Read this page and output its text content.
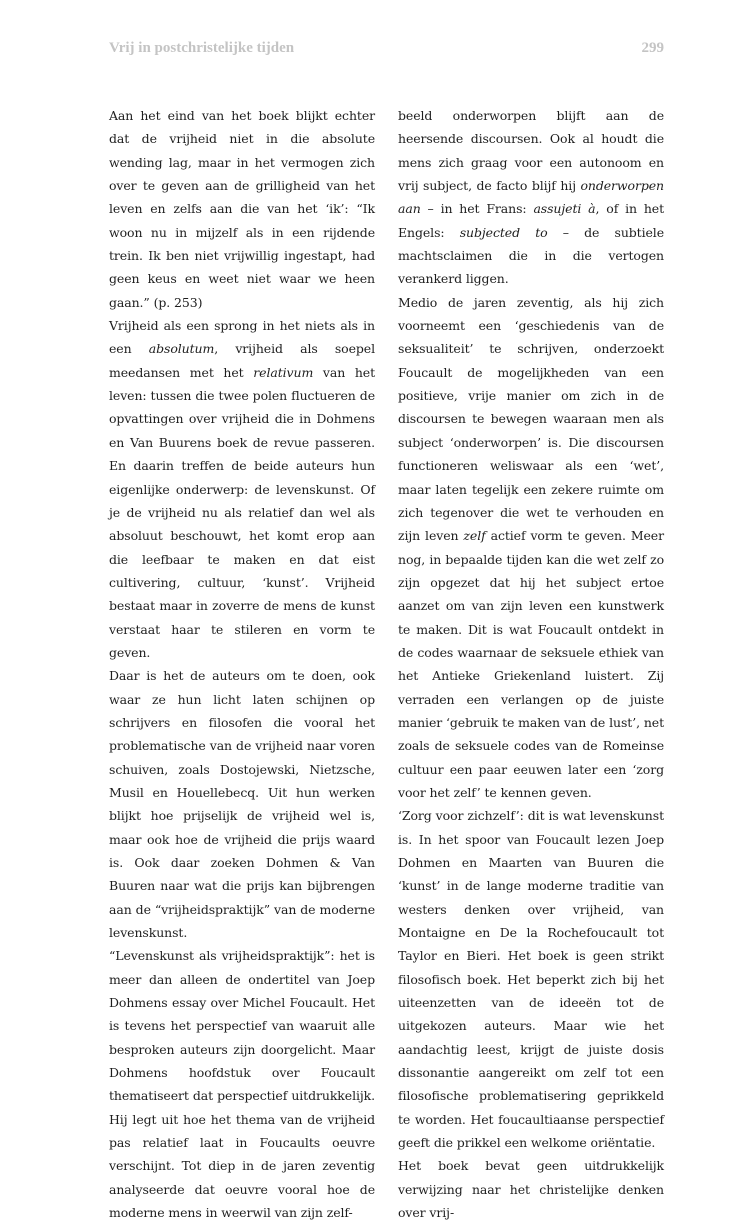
Vrij in postchristelijke tijden	299

Aan het eind van het boek blijkt echter dat de vrijheid niet in die absolute wending lag, maar in het vermogen zich over te geven aan de grilligheid van het leven en zelfs aan die van het ‘ik’: “Ik woon nu in mijzelf als in een rijdende trein. Ik ben niet vrijwillig ingestapt, had geen keus en weet niet waar we heen gaan.” (p. 253)

Vrijheid als een sprong in het niets als in een absolutum, vrijheid als soepel meedansen met het relativum van het leven: tussen die twee polen fluctueren de opvattingen over vrijheid die in Dohmens en Van Buurens boek de revue passeren. En daarin treffen de beide auteurs hun eigenlijke onderwerp: de levenskunst. Of je de vrijheid nu als relatief dan wel als absoluut beschouwt, het komt erop aan die leefbaar te maken en dat eist cultivering, cultuur, ‘kunst’. Vrijheid bestaat maar in zoverre de mens de kunst verstaat haar te stileren en vorm te geven.

Daar is het de auteurs om te doen, ook waar ze hun licht laten schijnen op schrijvers en filosofen die vooral het problematische van de vrijheid naar voren schuiven, zoals Dostojewski, Nietzsche, Musil en Houellebecq. Uit hun werken blijkt hoe prijselijk de vrijheid wel is, maar ook hoe de vrijheid die prijs waard is. Ook daar zoeken Dohmen & Van Buuren naar wat die prijs kan bijbrengen aan de “vrijheidspraktijk” van de moderne levenskunst.

“Levenskunst als vrijheidspraktijk”: het is meer dan alleen de ondertitel van Joep Dohmens essay over Michel Foucault. Het is tevens het perspectief van waaruit alle besproken auteurs zijn doorgelicht. Maar Dohmens hoofdstuk over Foucault thematiseert dat perspectief uitdrukkelijk. Hij legt uit hoe het thema van de vrijheid pas relatief laat in Foucaults oeuvre verschijnt. Tot diep in de jaren zeventig analyseerde dat oeuvre vooral hoe de moderne mens in weerwil van zijn zelf-

beeld onderworpen blijft aan de heersende discoursen. Ook al houdt die mens zich graag voor een autonoom en vrij subject, de facto blijf hij onderworpen aan – in het Frans: assujeti à, of in het Engels: subjected to – de subtiele machtsclaimen die in die vertogen verankerd liggen.

Medio de jaren zeventig, als hij zich voorneemt een ‘geschiedenis van de seksualiteit’ te schrijven, onderzoekt Foucault de mogelijkheden van een positieve, vrije manier om zich in de discoursen te bewegen waaraan men als subject ‘onderworpen’ is. Die discoursen functioneren weliswaar als een ‘wet’, maar laten tegelijk een zekere ruimte om zich tegenover die wet te verhouden en zijn leven zelf actief vorm te geven. Meer nog, in bepaalde tijden kan die wet zelf zo zijn opgezet dat hij het subject ertoe aanzet om van zijn leven een kunstwerk te maken. Dit is wat Foucault ontdekt in de codes waarnaar de seksuele ethiek van het Antieke Griekenland luistert. Zij verraden een verlangen op de juiste manier ‘gebruik te maken van de lust’, net zoals de seksuele codes van de Romeinse cultuur een paar eeuwen later een ‘zorg voor het zelf’ te kennen geven.

‘Zorg voor zichzelf’: dit is wat levenskunst is. In het spoor van Foucault lezen Joep Dohmen en Maarten van Buuren die ‘kunst’ in de lange moderne traditie van westers denken over vrijheid, van Montaigne en De la Rochefoucault tot Taylor en Bieri. Het boek is geen strikt filosofisch boek. Het beperkt zich bij het uiteenzetten van de ideeën tot de uitgekozen auteurs. Maar wie het aandachtig leest, krijgt de juiste dosis dissonantie aangereikt om zelf tot een filosofische problematisering geprikkeld te worden. Het foucaultiaanse perspectief geeft die prikkel een welkome oriëntatie.

Het boek bevat geen uitdrukkelijk verwijzing naar het christelijke denken over vrij-
